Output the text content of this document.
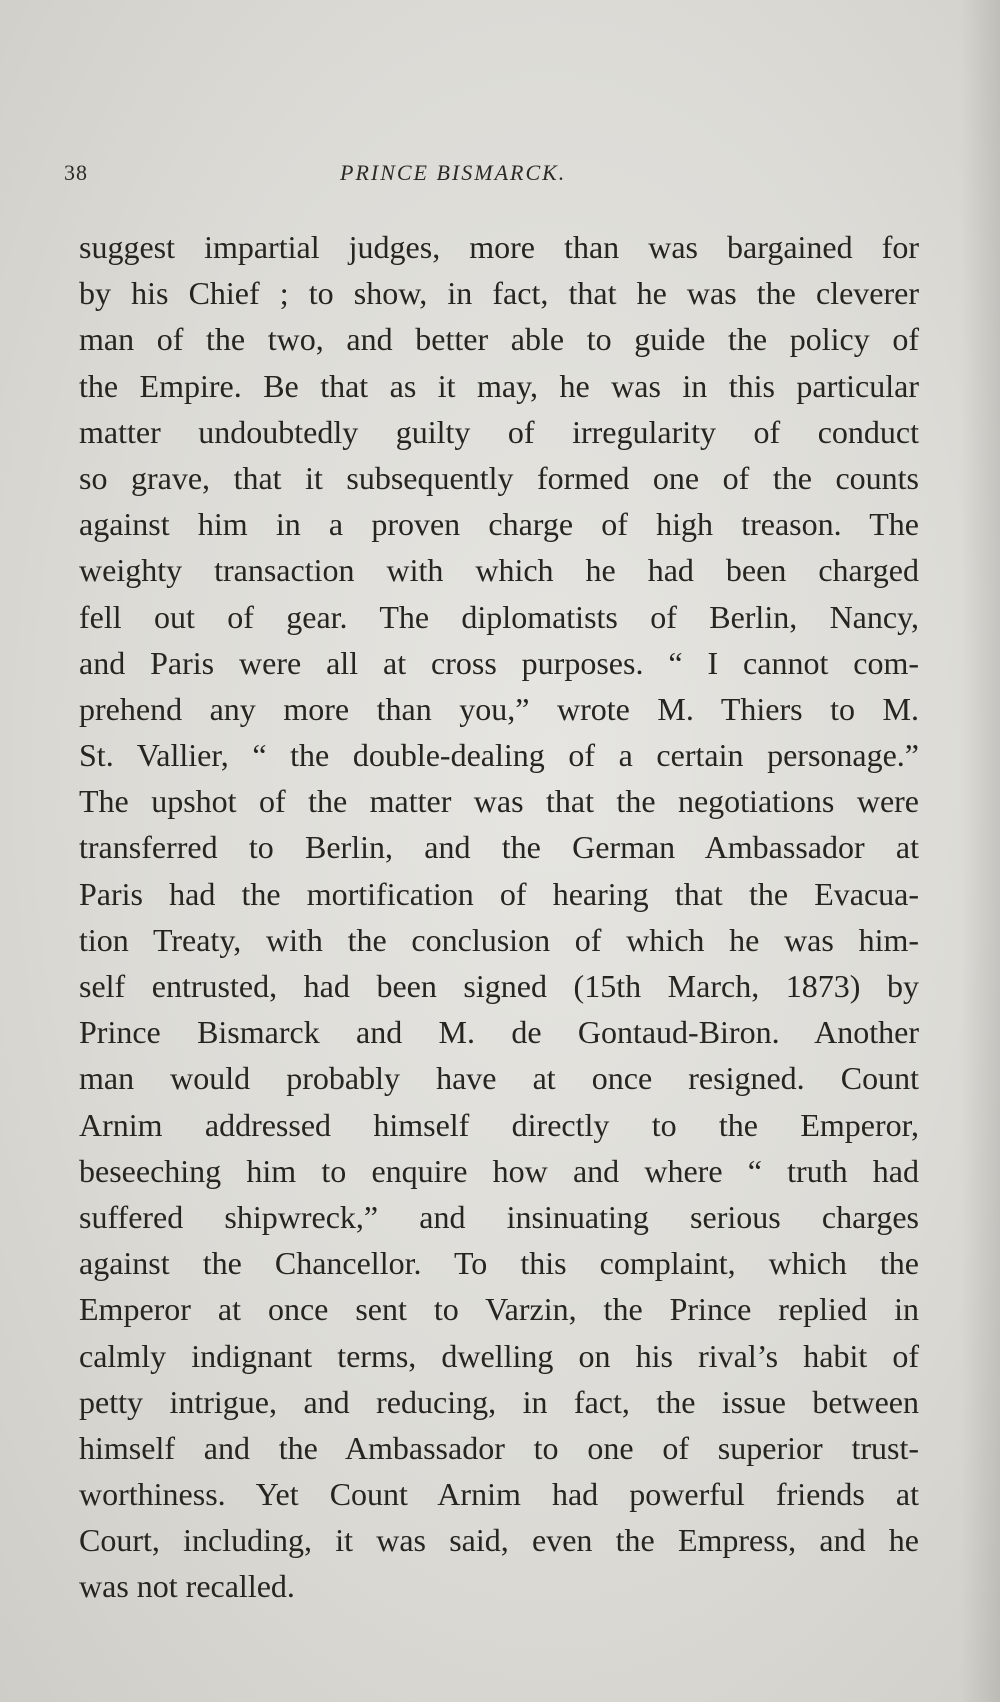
38	PRINCE BISMARCK.
suggest impartial judges, more than was bargained for
by his Chief ; to show, in fact, that he was the cleverer
man of the two, and better able to guide the policy of
the Empire. Be that as it may, he was in this particular
matter undoubtedly guilty of irregularity of conduct
so grave, that it subsequently formed one of the counts
against him in a proven charge of high treason. The
weighty transaction with which he had been charged
fell out of gear. The diplomatists of Berlin, Nancy,
and Paris were all at cross purposes. “ I cannot com-
prehend any more than you,” wrote M. Thiers to M.
St. Vallier, “ the double-dealing of a certain personage.”
The upshot of the matter was that the negotiations were
transferred to Berlin, and the German Ambassador at
Paris had the mortification of hearing that the Evacua-
tion Treaty, with the conclusion of which he was him-
self entrusted, had been signed (15th March, 1873) by
Prince Bismarck and M. de Gontaud-Biron. Another
man would probably have at once resigned. Count
Arnim addressed himself directly to the Emperor,
beseeching him to enquire how and where “ truth had
suffered shipwreck,” and insinuating serious charges
against the Chancellor. To this complaint, which the
Emperor at once sent to Varzin, the Prince replied in
calmly indignant terms, dwelling on his rival’s habit of
petty intrigue, and reducing, in fact, the issue between
himself and the Ambassador to one of superior trust-
worthiness. Yet Count Arnim had powerful friends at
Court, including, it was said, even the Empress, and he
was not recalled.
